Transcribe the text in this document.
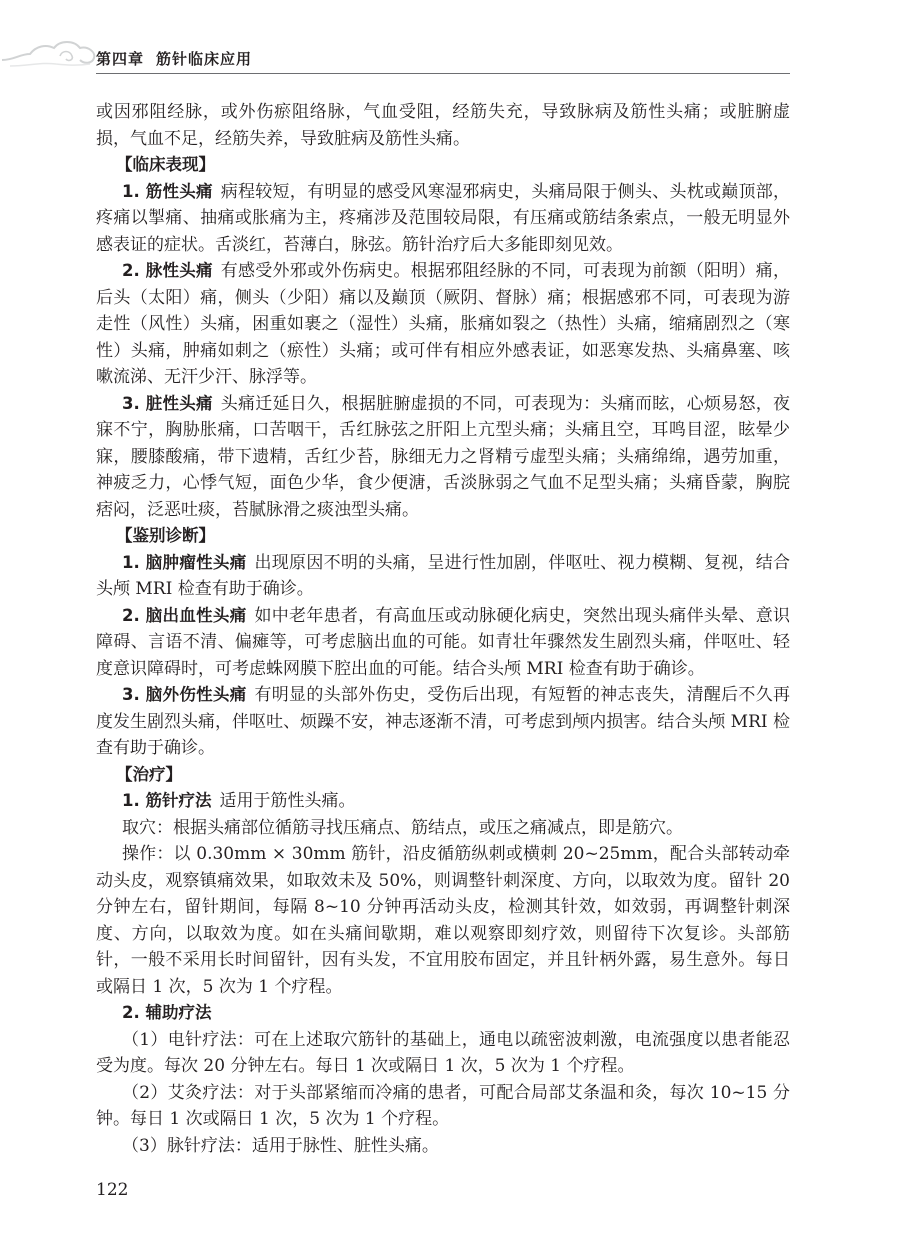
第四章 筋针临床应用

或因邪阻经脉，或外伤瘀阻络脉，气血受阻，经筋失充，导致脉病及筋性头痛；或脏腑虚损，气血不足，经筋失养，导致脏病及筋性头痛。

【临床表现】

1. 筋性头痛 病程较短，有明显的感受风寒湿邪病史，头痛局限于侧头、头枕或巅顶部，疼痛以掣痛、抽痛或胀痛为主，疼痛涉及范围较局限，有压痛或筋结条索点，一般无明显外感表证的症状。舌淡红，苔薄白，脉弦。筋针治疗后大多能即刻见效。

2. 脉性头痛 有感受外邪或外伤病史。根据邪阻经脉的不同，可表现为前额（阳明）痛，后头（太阳）痛，侧头（少阳）痛以及巅顶（厥阴、督脉）痛；根据感邪不同，可表现为游走性（风性）头痛，困重如裹之（湿性）头痛，胀痛如裂之（热性）头痛，缩痛剧烈之（寒性）头痛，肿痛如刺之（瘀性）头痛；或可伴有相应外感表证，如恶寒发热、头痛鼻塞、咳嗽流涕、无汗少汗、脉浮等。

3. 脏性头痛 头痛迁延日久，根据脏腑虚损的不同，可表现为：头痛而眩，心烦易怒，夜寐不宁，胸胁胀痛，口苦咽干，舌红脉弦之肝阳上亢型头痛；头痛且空，耳鸣目涩，眩晕少寐，腰膝酸痛，带下遗精，舌红少苔，脉细无力之肾精亏虚型头痛；头痛绵绵，遇劳加重，神疲乏力，心悸气短，面色少华，食少便溏，舌淡脉弱之气血不足型头痛；头痛昏蒙，胸脘痞闷，泛恶吐痰，苔腻脉滑之痰浊型头痛。

【鉴别诊断】

1. 脑肿瘤性头痛 出现原因不明的头痛，呈进行性加剧，伴呕吐、视力模糊、复视，结合头颅 MRI 检查有助于确诊。

2. 脑出血性头痛 如中老年患者，有高血压或动脉硬化病史，突然出现头痛伴头晕、意识障碍、言语不清、偏瘫等，可考虑脑出血的可能。如青壮年骤然发生剧烈头痛，伴呕吐、轻度意识障碍时，可考虑蛛网膜下腔出血的可能。结合头颅 MRI 检查有助于确诊。

3. 脑外伤性头痛 有明显的头部外伤史，受伤后出现，有短暂的神志丧失，清醒后不久再度发生剧烈头痛，伴呕吐、烦躁不安，神志逐渐不清，可考虑到颅内损害。结合头颅 MRI 检查有助于确诊。

【治疗】

1. 筋针疗法 适用于筋性头痛。

取穴：根据头痛部位循筋寻找压痛点、筋结点，或压之痛减点，即是筋穴。

操作：以 0.30mm × 30mm 筋针，沿皮循筋纵刺或横刺 20~25mm，配合头部转动牵动头皮，观察镇痛效果，如取效未及 50%，则调整针刺深度、方向，以取效为度。留针 20 分钟左右，留针期间，每隔 8~10 分钟再活动头皮，检测其针效，如效弱，再调整针刺深度、方向，以取效为度。如在头痛间歇期，难以观察即刻疗效，则留待下次复诊。头部筋针，一般不采用长时间留针，因有头发，不宜用胶布固定，并且针柄外露，易生意外。每日或隔日 1 次，5 次为 1 个疗程。

2. 辅助疗法

（1）电针疗法：可在上述取穴筋针的基础上，通电以疏密波刺激，电流强度以患者能忍受为度。每次 20 分钟左右。每日 1 次或隔日 1 次，5 次为 1 个疗程。

（2）艾灸疗法：对于头部紧缩而冷痛的患者，可配合局部艾条温和灸，每次 10~15 分钟。每日 1 次或隔日 1 次，5 次为 1 个疗程。

（3）脉针疗法：适用于脉性、脏性头痛。

122
